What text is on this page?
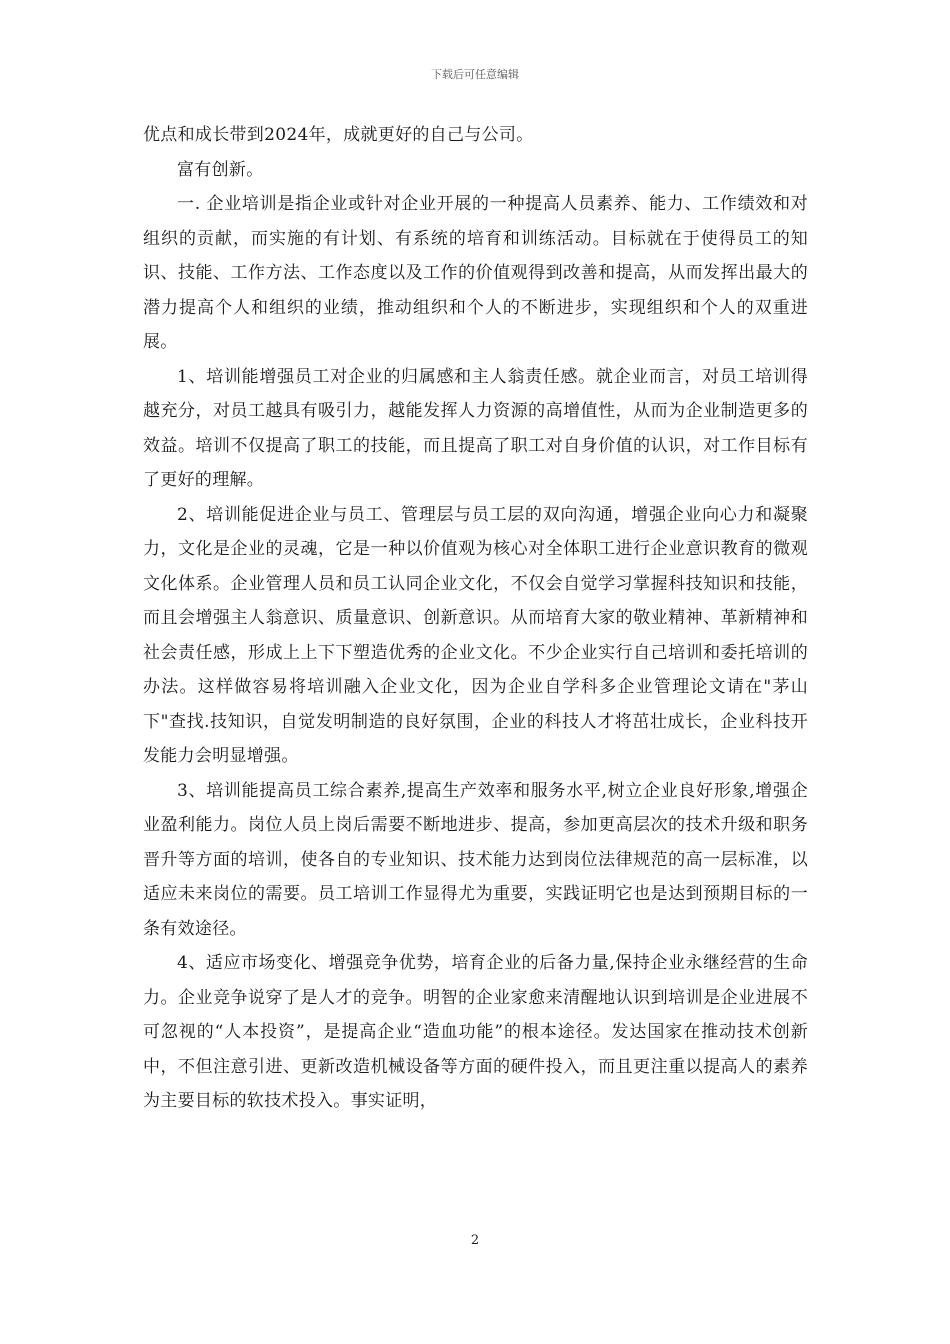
下载后可任意编辑

优点和成长带到2024年，成就更好的自己与公司。

富有创新。

一. 企业培训是指企业或针对企业开展的一种提高人员素养、能力、工作绩效和对组织的贡献，而实施的有计划、有系统的培育和训练活动。目标就在于使得员工的知识、技能、工作方法、工作态度以及工作的价值观得到改善和提高，从而发挥出最大的潜力提高个人和组织的业绩，推动组织和个人的不断进步，实现组织和个人的双重进展。

1、培训能增强员工对企业的归属感和主人翁责任感。就企业而言，对员工培训得越充分，对员工越具有吸引力，越能发挥人力资源的高增值性，从而为企业制造更多的效益。培训不仅提高了职工的技能，而且提高了职工对自身价值的认识，对工作目标有了更好的理解。

2、培训能促进企业与员工、管理层与员工层的双向沟通，增强企业向心力和凝聚力，文化是企业的灵魂，它是一种以价值观为核心对全体职工进行企业意识教育的微观文化体系。企业管理人员和员工认同企业文化，不仅会自觉学习掌握科技知识和技能，而且会增强主人翁意识、质量意识、创新意识。从而培育大家的敬业精神、革新精神和社会责任感，形成上上下下塑造优秀的企业文化。不少企业实行自己培训和委托培训的办法。这样做容易将培训融入企业文化，因为企业自学科多企业管理论文请在"茅山下"查找.技知识，自觉发明制造的良好氛围，企业的科技人才将茁壮成长，企业科技开发能力会明显增强。

3、培训能提高员工综合素养,提高生产效率和服务水平,树立企业良好形象,增强企业盈利能力。岗位人员上岗后需要不断地进步、提高，参加更高层次的技术升级和职务晋升等方面的培训，使各自的专业知识、技术能力达到岗位法律规范的高一层标准，以适应未来岗位的需要。员工培训工作显得尤为重要，实践证明它也是达到预期目标的一条有效途径。

4、适应市场变化、增强竞争优势，培育企业的后备力量,保持企业永继经营的生命力。企业竞争说穿了是人才的竞争。明智的企业家愈来清醒地认识到培训是企业进展不可忽视的“人本投资”，是提高企业“造血功能”的根本途径。发达国家在推动技术创新中，不但注意引进、更新改造机械设备等方面的硬件投入，而且更注重以提高人的素养为主要目标的软技术投入。事实证明，

2
